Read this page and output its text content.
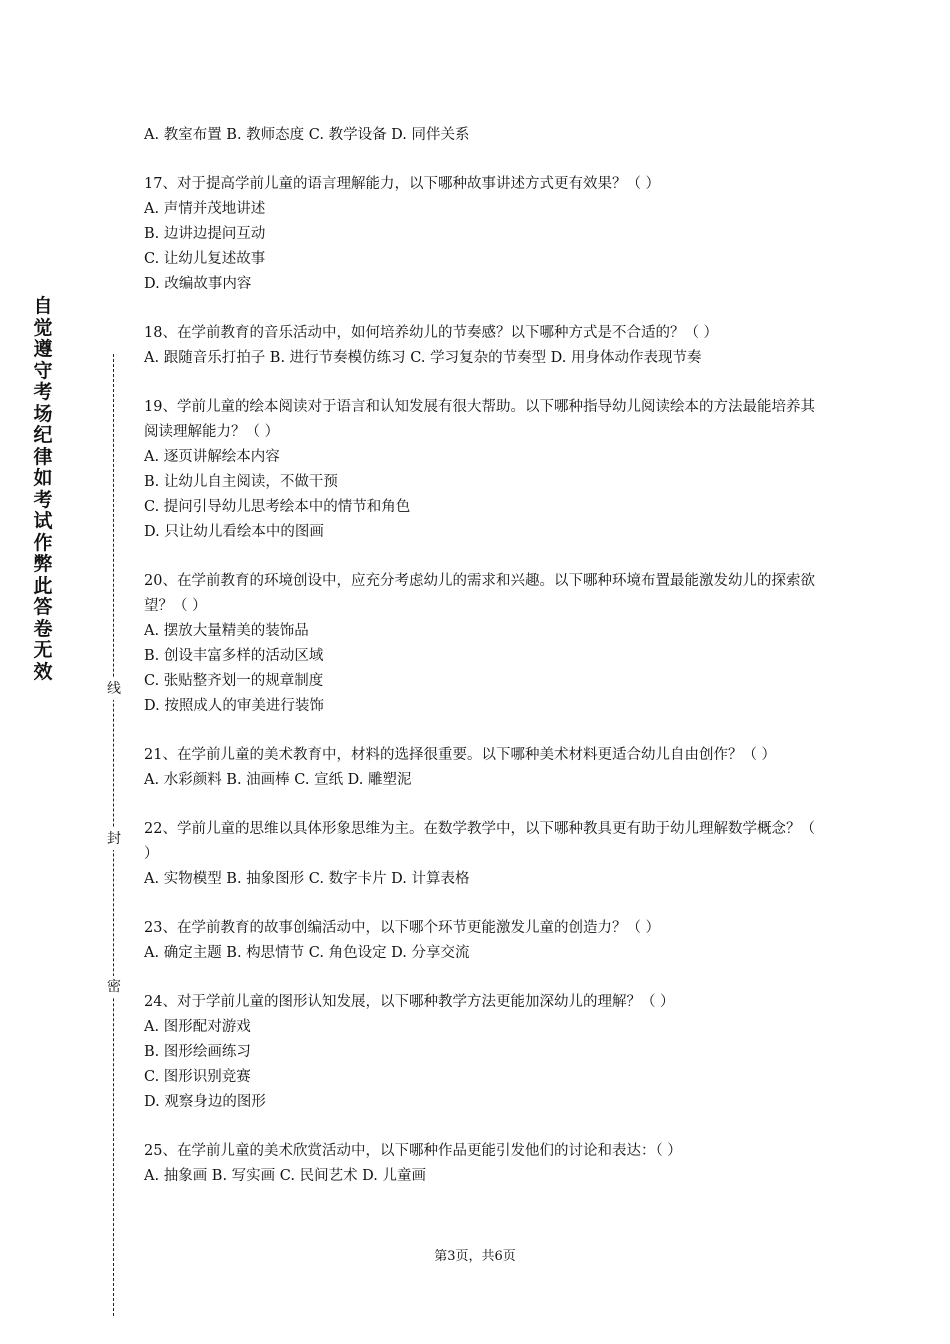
自觉遵守考场纪律如考试作弊此答卷无效
线
封
密
A. 教室布置 B. 教师态度 C. 教学设备 D. 同伴关系
17、对于提高学前儿童的语言理解能力，以下哪种故事讲述方式更有效果？（ ）
A. 声情并茂地讲述
B. 边讲边提问互动
C. 让幼儿复述故事
D. 改编故事内容
18、在学前教育的音乐活动中，如何培养幼儿的节奏感？以下哪种方式是不合适的？（ ）
A. 跟随音乐打拍子 B. 进行节奏模仿练习 C. 学习复杂的节奏型 D. 用身体动作表现节奏
19、学前儿童的绘本阅读对于语言和认知发展有很大帮助。以下哪种指导幼儿阅读绘本的方法最能培养其阅读理解能力？（ ）
A. 逐页讲解绘本内容
B. 让幼儿自主阅读，不做干预
C. 提问引导幼儿思考绘本中的情节和角色
D. 只让幼儿看绘本中的图画
20、在学前教育的环境创设中，应充分考虑幼儿的需求和兴趣。以下哪种环境布置最能激发幼儿的探索欲望？（ ）
A. 摆放大量精美的装饰品
B. 创设丰富多样的活动区域
C. 张贴整齐划一的规章制度
D. 按照成人的审美进行装饰
21、在学前儿童的美术教育中，材料的选择很重要。以下哪种美术材料更适合幼儿自由创作？（ ）
A. 水彩颜料 B. 油画棒 C. 宣纸 D. 雕塑泥
22、学前儿童的思维以具体形象思维为主。在数学教学中，以下哪种教具更有助于幼儿理解数学概念？（ ）
A. 实物模型 B. 抽象图形 C. 数字卡片 D. 计算表格
23、在学前教育的故事创编活动中，以下哪个环节更能激发儿童的创造力？（ ）
A. 确定主题 B. 构思情节 C. 角色设定 D. 分享交流
24、对于学前儿童的图形认知发展，以下哪种教学方法更能加深幼儿的理解？（ ）
A. 图形配对游戏
B. 图形绘画练习
C. 图形识别竞赛
D. 观察身边的图形
25、在学前儿童的美术欣赏活动中，以下哪种作品更能引发他们的讨论和表达：（ ）
A. 抽象画 B. 写实画 C. 民间艺术 D. 儿童画
第3页，共6页
